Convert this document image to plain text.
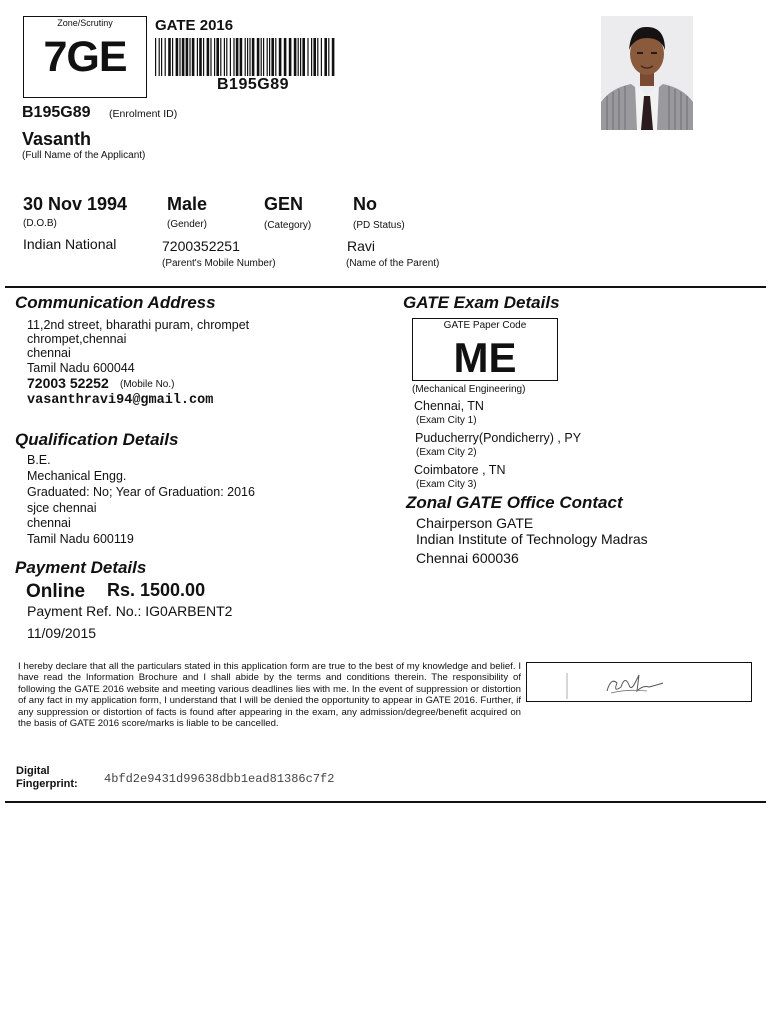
Zone/Scrutiny
7GE
GATE 2016
B195G89
B195G89 (Enrolment ID)
Vasanth
(Full Name of the Applicant)
30 Nov 1994
(D.O.B)
Male
(Gender)
GEN
(Category)
No
(PD Status)
Indian National	7200352251
(Parent's Mobile Number)
Ravi
(Name of the Parent)
Communication Address
11,2nd street, bharathi puram, chrompet
chrompet,chennai
chennai
Tamil Nadu 600044
72003 52252 (Mobile No.)
vasanthravi94@gmail.com
Qualification Details
B.E.
Mechanical Engg.
Graduated: No; Year of Graduation: 2016
sjce chennai
chennai
Tamil Nadu 600119
Payment Details
Online Rs. 1500.00
Payment Ref. No.: IG0ARBENT2
11/09/2015
GATE Exam Details
GATE Paper Code
ME
(Mechanical Engineering)
Chennai, TN
(Exam City 1)
Puducherry(Pondicherry) , PY
(Exam City 2)
Coimbatore , TN
(Exam City 3)
Zonal GATE Office Contact
Chairperson GATE
Indian Institute of Technology Madras
Chennai 600036
I hereby declare that all the particulars stated in this application form are true to the best of my knowledge and belief. I have read the Information Brochure and I shall abide by the terms and conditions therein. The responsibility of following the GATE 2016 website and meeting various deadlines lies with me. In the event of suppression or distortion of any fact in my application form, I understand that I will be denied the opportunity to appear in GATE 2016. Further, if any suppression or distortion of facts is found after appearing in the exam, any admission/degree/benefit acquired on the basis of GATE 2016 score/marks is liable to be cancelled.
Digital
Fingerprint: 4bfd2e9431d99638dbb1ead81386c7f2
